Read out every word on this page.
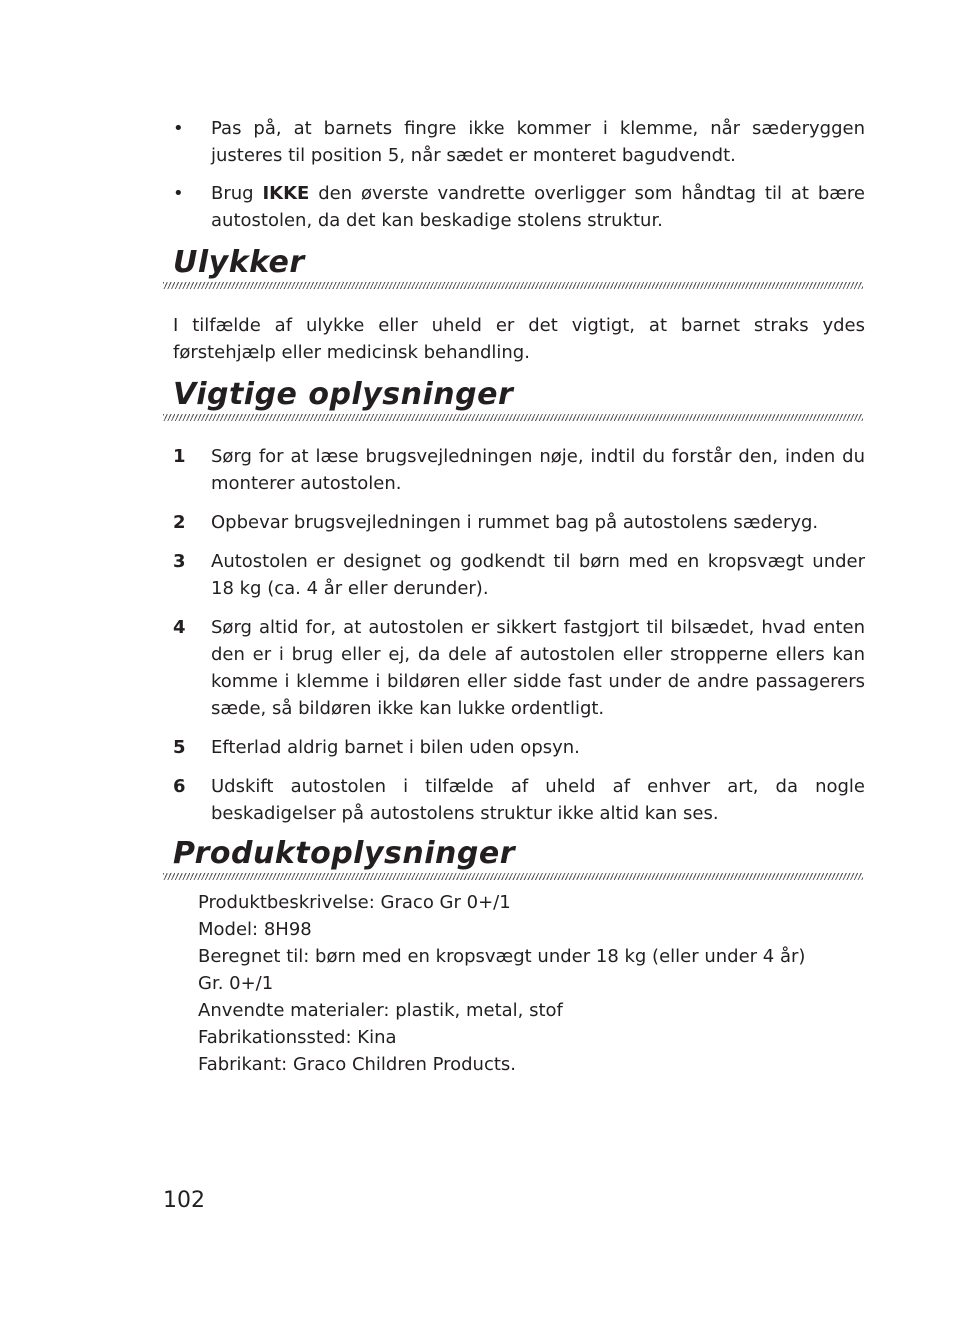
•	Pas på, at barnets fingre ikke kommer i klemme, når sæderyggen justeres til position 5, når sædet er monteret bagudvendt.
•	Brug IKKE den øverste vandrette overligger som håndtag til at bære autostolen, da det kan beskadige stolens struktur.
Ulykker

I tilfælde af ulykke eller uheld er det vigtigt, at barnet straks ydes førstehjælp eller medicinsk behandling.

Vigtige oplysninger
1	Sørg for at læse brugsvejledningen nøje, indtil du forstår den, inden du monterer autostolen.
2	Opbevar brugsvejledningen i rummet bag på autostolens sæderyg.
3	Autostolen er designet og godkendt til børn med en kropsvægt under 18 kg (ca. 4 år eller derunder).
4	Sørg altid for, at autostolen er sikkert fastgjort til bilsædet, hvad enten den er i brug eller ej, da dele af autostolen eller stropperne ellers kan komme i klemme i bildøren eller sidde fast under de andre passagerers sæde, så bildøren ikke kan lukke ordentligt.
5	Efterlad aldrig barnet i bilen uden opsyn.
6	Udskift autostolen i tilfælde af uheld af enhver art, da nogle beskadigelser på autostolens struktur ikke altid kan ses.
Produktoplysninger
Produktbeskrivelse: Graco Gr 0+/1
Model: 8H98
Beregnet til: børn med en kropsvægt under 18 kg (eller under 4 år)
Gr. 0+/1
Anvendte materialer: plastik, metal, stof
Fabrikationssted: Kina
Fabrikant: Graco Children Products.
102
